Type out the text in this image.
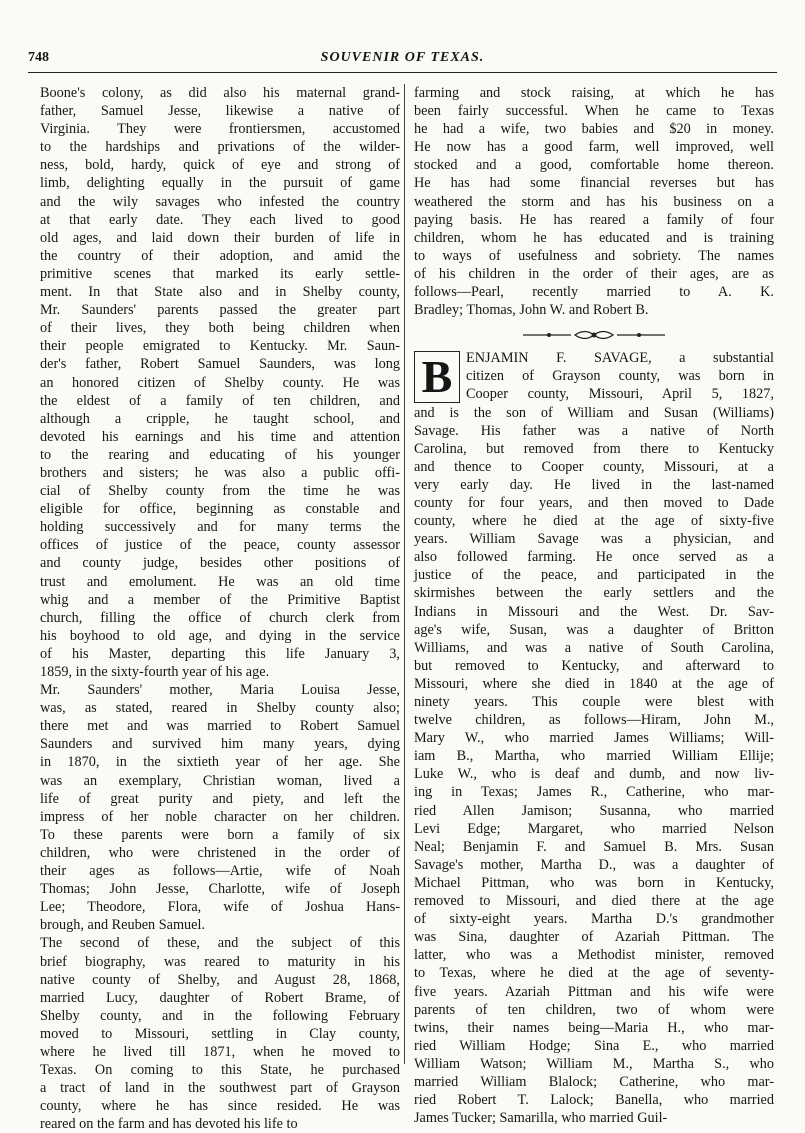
748	SOUVENIR OF TEXAS.
Boone's colony, as did also his maternal grand-
father, Samuel Jesse, likewise a native of
Virginia. They were frontiersmen, accustomed
to the hardships and privations of the wilder-
ness, bold, hardy, quick of eye and strong of
limb, delighting equally in the pursuit of game
and the wily savages who infested the country
at that early date. They each lived to good
old ages, and laid down their burden of life in
the country of their adoption, and amid the
primitive scenes that marked its early settle-
ment. In that State also and in Shelby county,
Mr. Saunders' parents passed the greater part
of their lives, they both being children when
their people emigrated to Kentucky. Mr. Saun-
der's father, Robert Samuel Saunders, was long
an honored citizen of Shelby county. He was
the eldest of a family of ten children, and
although a cripple, he taught school, and
devoted his earnings and his time and attention
to the rearing and educating of his younger
brothers and sisters; he was also a public offi-
cial of Shelby county from the time he was
eligible for office, beginning as constable and
holding successively and for many terms the
offices of justice of the peace, county assessor
and county judge, besides other positions of
trust and emolument. He was an old time
whig and a member of the Primitive Baptist
church, filling the office of church clerk from
his boyhood to old age, and dying in the service
of his Master, departing this life January 3,
1859, in the sixty-fourth year of his age.
Mr. Saunders' mother, Maria Louisa Jesse,
was, as stated, reared in Shelby county also;
there met and was married to Robert Samuel
Saunders and survived him many years, dying
in 1870, in the sixtieth year of her age. She
was an exemplary, Christian woman, lived a
life of great purity and piety, and left the
impress of her noble character on her children.
To these parents were born a family of six
children, who were christened in the order of
their ages as follows—Artie, wife of Noah
Thomas; John Jesse, Charlotte, wife of Joseph
Lee; Theodore, Flora, wife of Joshua Hans-
brough, and Reuben Samuel.
The second of these, and the subject of this
brief biography, was reared to maturity in his
native county of Shelby, and August 28, 1868,
married Lucy, daughter of Robert Brame, of
Shelby county, and in the following February
moved to Missouri, settling in Clay county,
where he lived till 1871, when he moved to
Texas. On coming to this State, he purchased
a tract of land in the southwest part of Grayson
county, where he has since resided. He was
reared on the farm and has devoted his life to
farming and stock raising, at which he has
been fairly successful. When he came to Texas
he had a wife, two babies and $20 in money.
He now has a good farm, well improved, well
stocked and a good, comfortable home thereon.
He has had some financial reverses but has
weathered the storm and has his business on a
paying basis. He has reared a family of four
children, whom he has educated and is training
to ways of usefulness and sobriety. The names
of his children in the order of their ages, are as
follows—Pearl, recently married to A. K.
Bradley; Thomas, John W. and Robert B.
B ENJAMIN F. SAVAGE, a substantial
citizen of Grayson county, was born in
Cooper county, Missouri, April 5, 1827,
and is the son of William and Susan (Williams)
Savage. His father was a native of North
Carolina, but removed from there to Kentucky
and thence to Cooper county, Missouri, at a
very early day. He lived in the last-named
county for four years, and then moved to Dade
county, where he died at the age of sixty-five
years. William Savage was a physician, and
also followed farming. He once served as a
justice of the peace, and participated in the
skirmishes between the early settlers and the
Indians in Missouri and the West. Dr. Sav-
age's wife, Susan, was a daughter of Britton
Williams, and was a native of South Carolina,
but removed to Kentucky, and afterward to
Missouri, where she died in 1840 at the age of
ninety years. This couple were blest with
twelve children, as follows—Hiram, John M.,
Mary W., who married James Williams; Will-
iam B., Martha, who married William Ellije;
Luke W., who is deaf and dumb, and now liv-
ing in Texas; James R., Catherine, who mar-
ried Allen Jamison; Susanna, who married
Levi Edge; Margaret, who married Nelson
Neal; Benjamin F. and Samuel B. Mrs. Susan
Savage's mother, Martha D., was a daughter of
Michael Pittman, who was born in Kentucky,
removed to Missouri, and died there at the age
of sixty-eight years. Martha D.'s grandmother
was Sina, daughter of Azariah Pittman. The
latter, who was a Methodist minister, removed
to Texas, where he died at the age of seventy-
five years. Azariah Pittman and his wife were
parents of ten children, two of whom were
twins, their names being—Maria H., who mar-
ried William Hodge; Sina E., who married
William Watson; William M., Martha S., who
married William Blalock; Catherine, who mar-
ried Robert T. Lalock; Banella, who married
James Tucker; Samarilla, who married Guil-
